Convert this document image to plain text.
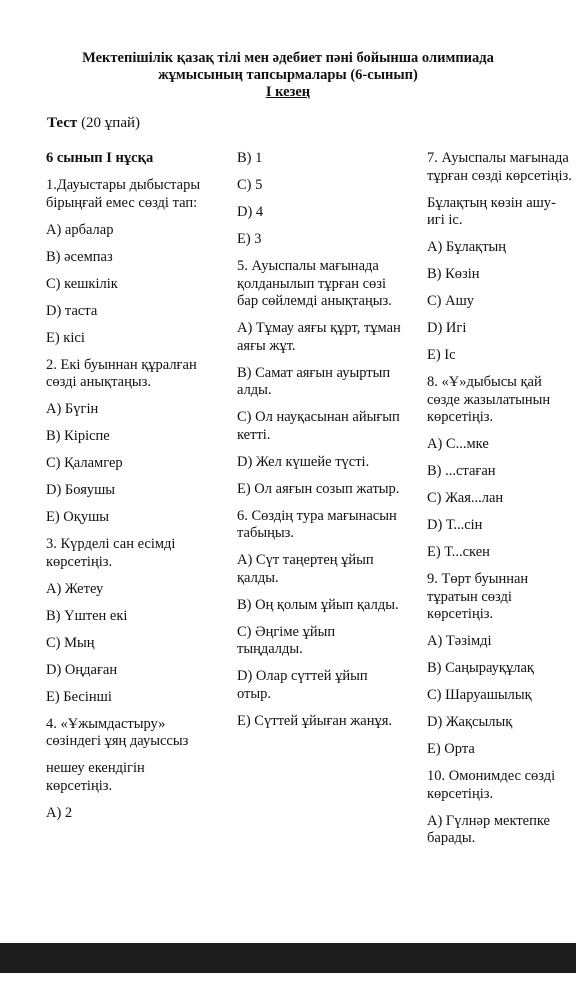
Мектепішілік қазақ тілі мен әдебиет пәні бойынша олимпиада
жұмысының тапсырмалары (6-сынып)
І кезең
Тест (20 ұпай)

6 сынып І нұсқа

1.Дауыстары дыбыстары бірыңғай емес сөзді тап:

А) арбалар

В) әсемпаз

С) кешкілік

D) таста

Е) кісі

2. Екі буыннан құралған сөзді анықтаңыз.

А) Бүгін

В) Кіріспе

С) Қаламгер

D) Бояушы

Е) Оқушы

3. Күрделі сан есімді көрсетіңіз.

А) Жетеу

В) Үштен екі

С) Мың

D) Оңдаған

Е) Бесінші

4. «Ұжымдастыру» сөзіндегі ұяң дауыссыз

нешеу екендігін көрсетіңіз.

А) 2

В) 1

С) 5

D) 4

Е) 3

5. Ауыспалы мағынада қолданылып тұрған сөзі бар сөйлемді анықтаңыз.

А) Тұмау аяғы құрт, тұман аяғы жұт.

В) Самат аяғын ауыртып алды.

С) Ол науқасынан айығып кетті.

D) Жел күшейе түсті.

Е) Ол аяғын созып жатыр.

6. Сөздің тура мағынасын табыңыз.

А) Сүт таңертең ұйып қалды.

В) Оң қолым ұйып қалды.

С) Әңгіме ұйып тыңдалды.

D) Олар сүттей ұйып отыр.

Е) Сүттей ұйыған жанұя.

7. Ауыспалы мағынада тұрған сөзді көрсетіңіз.

Бұлақтың көзін ашу-игі іс.

А) Бұлақтың

В) Көзін

С) Ашу

D) Игі

Е) Іс

8. «Ұ»дыбысы қай сөзде жазылатынын көрсетіңіз.

А) С...мке

В) ...стаған

С) Жая...лан

D) Т...сін

Е) Т...скен

9. Төрт буыннан тұратын сөзді көрсетіңіз.

А) Тәзімді

В) Саңырауқұлақ

С) Шаруашылық

D) Жақсылық

Е) Орта

10. Омонимдес сөзді көрсетіңіз.

А) Гүлнәр мектепке барады.
